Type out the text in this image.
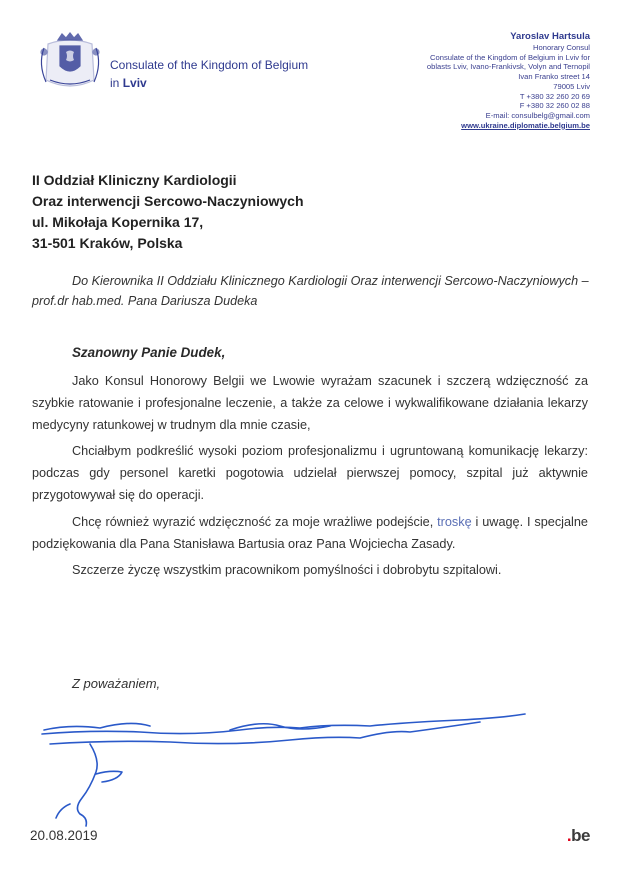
Consulate of the Kingdom of Belgium
in Lviv
Yaroslav Hartsula
Honorary Consul
Consulate of the Kingdom of Belgium in Lviv for
oblasts Lviv, Ivano-Frankivsk, Volyn and Ternopil
Ivan Franko street 14
79005 Lviv
T +380 32 260 20 69
F +380 32 260 02 88
E-mail: consulbelg@gmail.com
www.ukraine.diplomatie.belgium.be
II Oddział Kliniczny Kardiologii
Oraz interwencji Sercowo-Naczyniowych
ul. Mikołaja Kopernika 17,
31-501 Kraków, Polska
Do Kierownika II Oddziału Klinicznego Kardiologii Oraz interwencji Sercowo-Naczyniowych – prof.dr hab.med. Pana Dariusza Dudeka
Szanowny Panie Dudek,

Jako Konsul Honorowy Belgii we Lwowie wyrażam szacunek i szczerą wdzięczność za szybkie ratowanie i profesjonalne leczenie, a także za celowe i wykwalifikowane działania lekarzy medycyny ratunkowej w trudnym dla mnie czasie,

Chciałbym podkreślić wysoki poziom profesjonalizmu i ugruntowaną komunikację lekarzy: podczas gdy personel karetki pogotowia udzielał pierwszej pomocy, szpital już aktywnie przygotowywał się do operacji.

Chcę również wyrazić wdzięczność za moje wrażliwe podejście, troskę i uwagę. I specjalne podziękowania dla Pana Stanisława Bartusia oraz Pana Wojciecha Zasady.

Szczerze życzę wszystkim pracownikom pomyślności i dobrobytu szpitalowi.

Z poważaniem,
20.08.2019	.be
